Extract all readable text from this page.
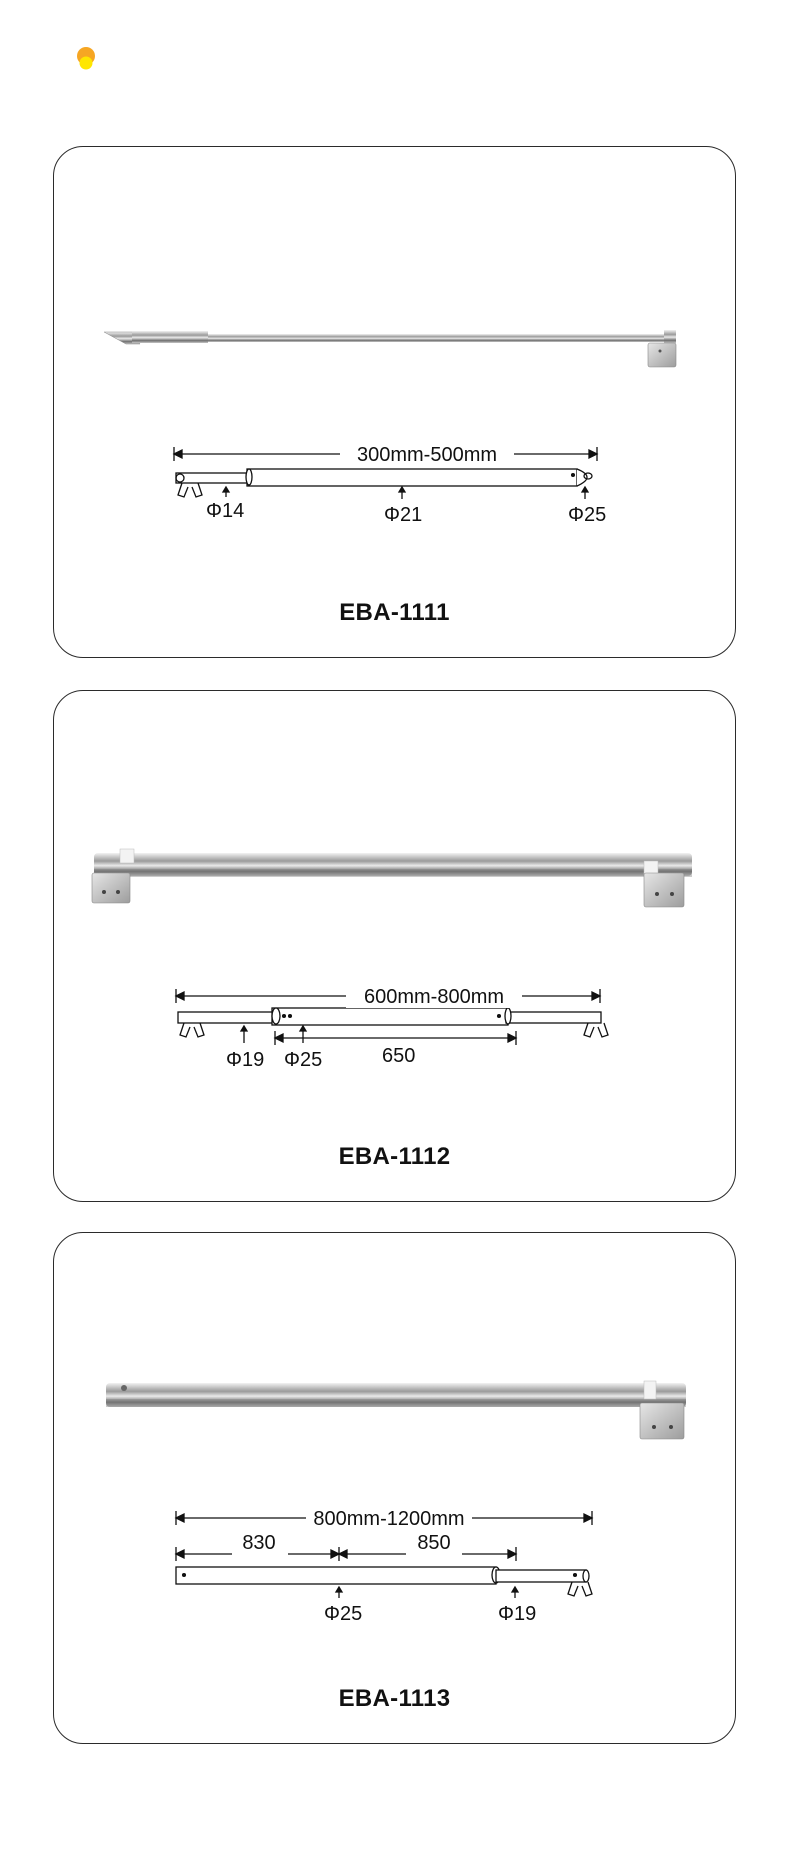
300mm-500mm
Φ14	Φ21	Φ25
EBA-1111
600mm-800mm
Φ19 Φ25	650
EBA-1112
800mm-1200mm
830	850
Φ25	Φ19
EBA-1113
